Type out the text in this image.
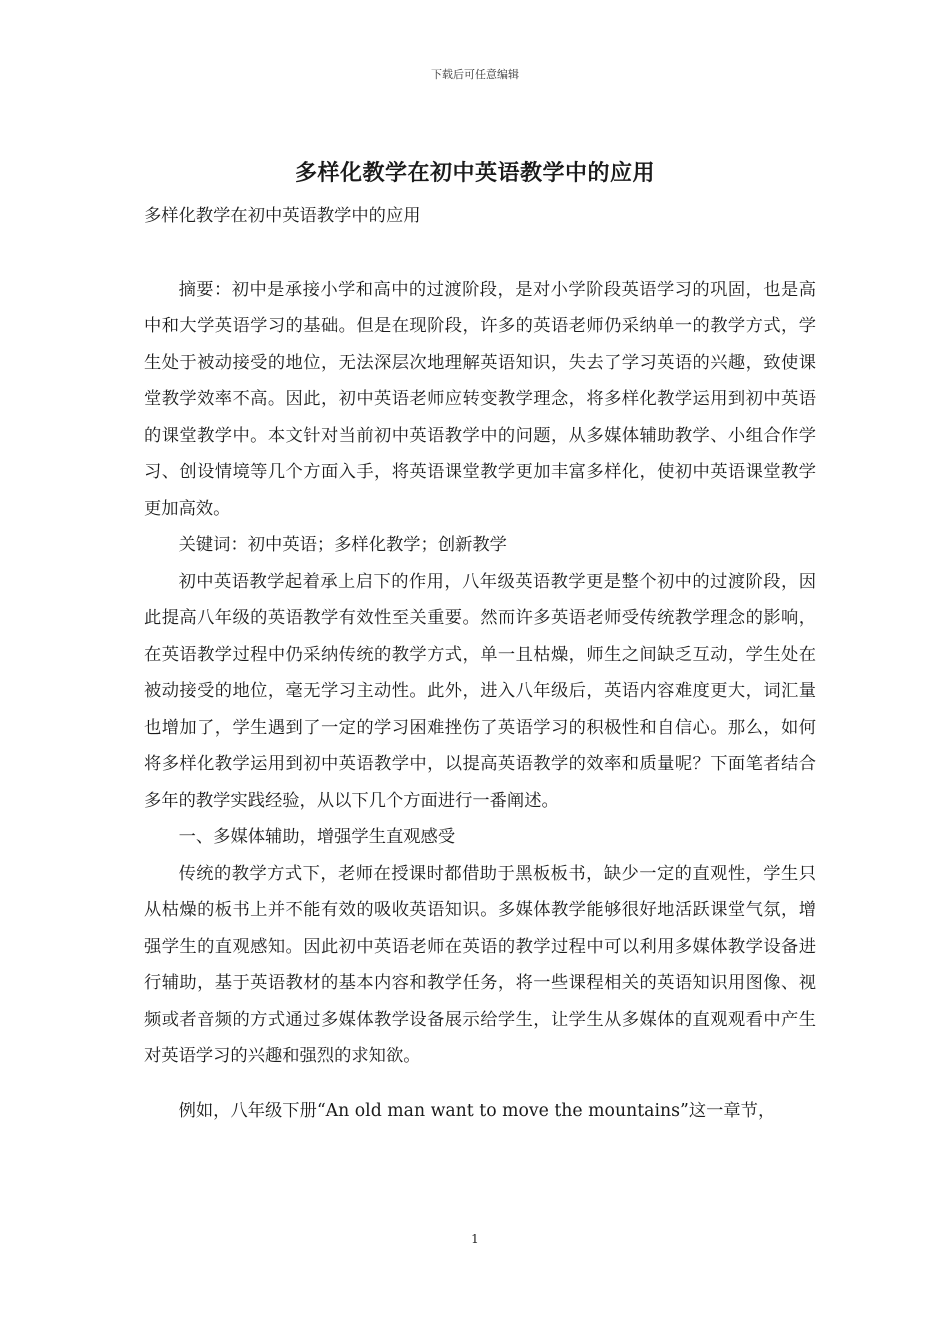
下载后可任意编辑
多样化教学在初中英语教学中的应用

多样化教学在初中英语教学中的应用

摘要：初中是承接小学和高中的过渡阶段，是对小学阶段英语学习的巩固，也是高中和大学英语学习的基础。但是在现阶段，许多的英语老师仍采纳单一的教学方式，学生处于被动接受的地位，无法深层次地理解英语知识，失去了学习英语的兴趣，致使课堂教学效率不高。因此，初中英语老师应转变教学理念，将多样化教学运用到初中英语的课堂教学中。本文针对当前初中英语教学中的问题，从多媒体辅助教学、小组合作学习、创设情境等几个方面入手，将英语课堂教学更加丰富多样化，使初中英语课堂教学更加高效。

关键词：初中英语；多样化教学；创新教学

初中英语教学起着承上启下的作用，八年级英语教学更是整个初中的过渡阶段，因此提高八年级的英语教学有效性至关重要。然而许多英语老师受传统教学理念的影响，在英语教学过程中仍采纳传统的教学方式，单一且枯燥，师生之间缺乏互动，学生处在被动接受的地位，毫无学习主动性。此外，进入八年级后，英语内容难度更大，词汇量也增加了，学生遇到了一定的学习困难挫伤了英语学习的积极性和自信心。那么，如何将多样化教学运用到初中英语教学中，以提高英语教学的效率和质量呢？下面笔者结合多年的教学实践经验，从以下几个方面进行一番阐述。

一、多媒体辅助，增强学生直观感受

传统的教学方式下，老师在授课时都借助于黑板板书，缺少一定的直观性，学生只从枯燥的板书上并不能有效的吸收英语知识。多媒体教学能够很好地活跃课堂气氛，增强学生的直观感知。因此初中英语老师在英语的教学过程中可以利用多媒体教学设备进行辅助，基于英语教材的基本内容和教学任务，将一些课程相关的英语知识用图像、视频或者音频的方式通过多媒体教学设备展示给学生，让学生从多媒体的直观观看中产生对英语学习的兴趣和强烈的求知欲。

例如，八年级下册“An old man want to move the mountains”这一章节，

1
